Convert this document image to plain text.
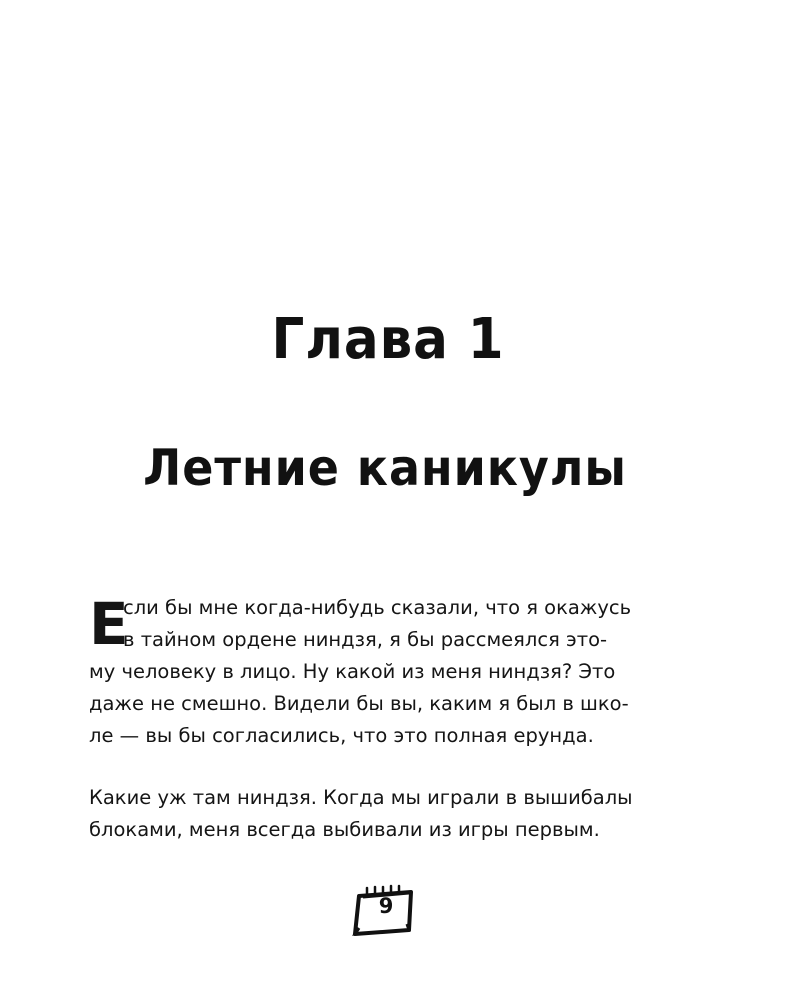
Глава 1
Летние каникулы
Е
сли бы мне когда-нибудь сказали, что я окажусь
в тайном ордене ниндзя, я бы рассмеялся это-
му человеку в лицо. Ну какой из меня ниндзя? Это
даже не смешно. Видели бы вы, каким я был в шко-
ле — вы бы согласились, что это полная ерунда.
Какие уж там ниндзя. Когда мы играли в вышибалы
блоками, меня всегда выбивали из игры первым.
9
